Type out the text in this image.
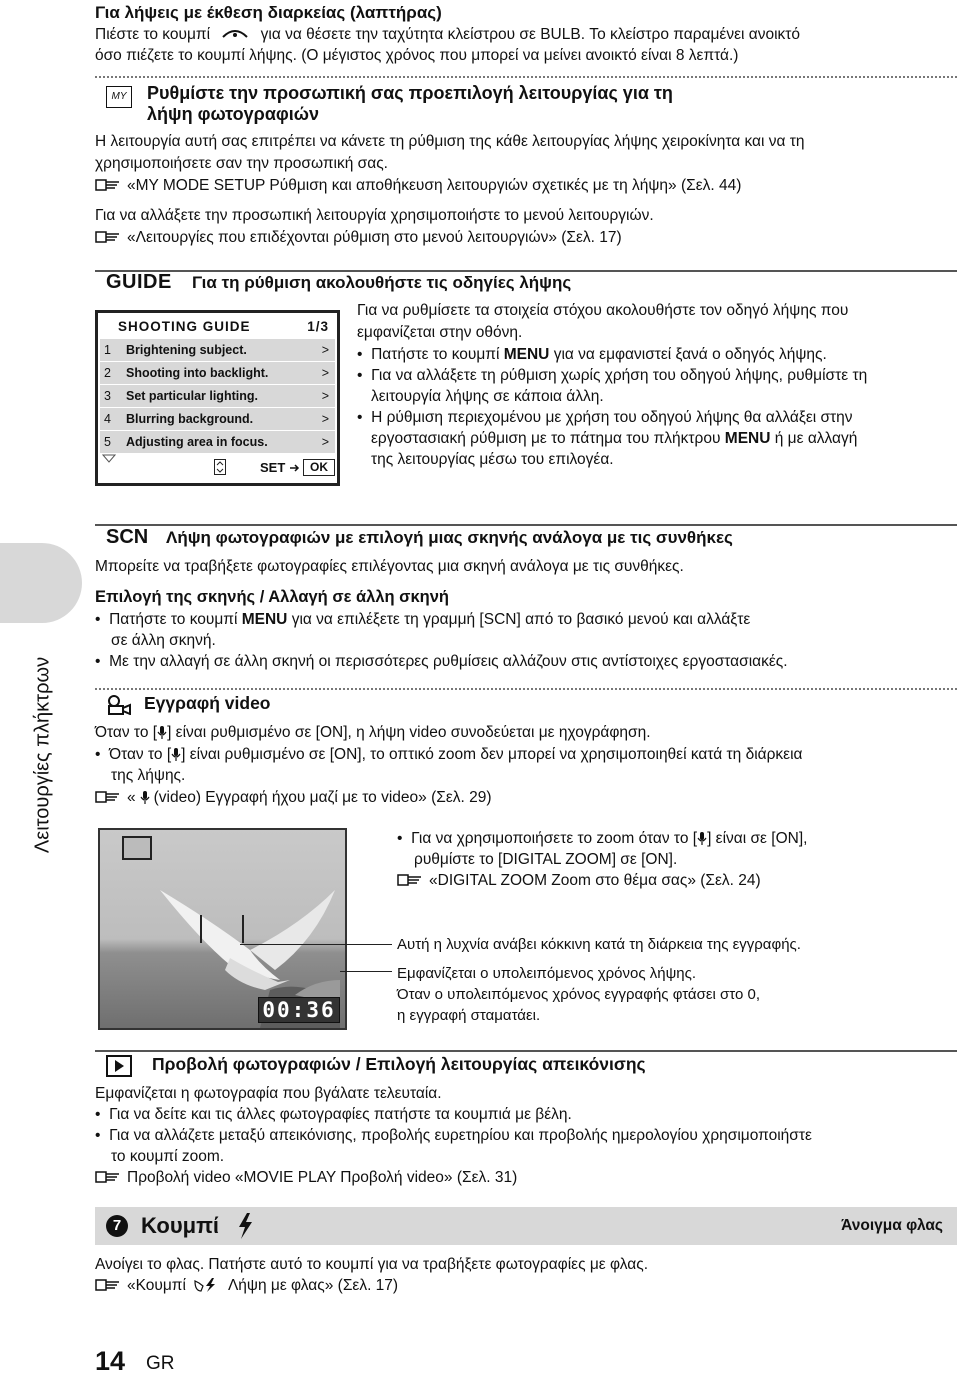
Για λήψεις με έκθεση διαρκείας (λαπτήρας)
Πιέστε το κουμπί	για να θέσετε την ταχύτητα κλείστρου σε BULB. Το κλείστρο παραμένει ανοικτό
όσο πιέζετε το κουμπί λήψης. (Ο μέγιστος χρόνος που μπορεί να μείνει ανοικτό είναι 8 λεπτά.)
MY	Ρυθμίστε την προσωπική σας προεπιλογή λειτουργίας για τη
λήψη φωτογραφιών
Η λειτουργία αυτή σας επιτρέπει να κάνετε τη ρύθμιση της κάθε λειτουργίας λήψης χειροκίνητα και να τη
χρησιμοποιήσετε σαν την προσωπική σας.
«MY MODE SETUP Ρύθμιση και αποθήκευση λειτουργιών σχετικές με τη λήψη» (Σελ. 44)
Για να αλλάξετε την προσωπική λειτουργία χρησιμοποιήστε το μενού λειτουργιών.
«Λειτουργίες που επιδέχονται ρύθμιση στο μενού λειτουργιών» (Σελ. 17)
GUIDE Για τη ρύθμιση ακολουθήστε τις οδηγίες λήψης
SHOOTING GUIDE	1/3
1 Brightening subject.	>
2 Shooting into backlight.	>
3 Set particular lighting.	>
4 Blurring background.	>
5 Adjusting area in focus.	>
SET	OK
Για να ρυθμίσετε τα στοιχεία στόχου ακολουθήστε τον οδηγό λήψης που
εμφανίζεται στην οθόνη.
• Πατήστε το κουμπί MENU για να εμφανιστεί ξανά ο οδηγός λήψης.
• Για να αλλάξετε τη ρύθμιση χωρίς χρήση του οδηγού λήψης, ρυθμίστε τη
λειτουργία λήψης σε κάποια άλλη.
• Η ρύθμιση περιεχομένου με χρήση του οδηγού λήψης θα αλλάξει στην
εργοστασιακή ρύθμιση με το πάτημα του πλήκτρου MENU ή με αλλαγή
της λειτουργίας μέσω του επιλογέα.
Λειτουργίες πλήκτρων
SCN Λήψη φωτογραφιών με επιλογή μιας σκηνής ανάλογα με τις συνθήκες
Μπορείτε να τραβήξετε φωτογραφίες επιλέγοντας μια σκηνή ανάλογα με τις συνθήκες.
Επιλογή της σκηνής / Αλλαγή σε άλλη σκηνή
• Πατήστε το κουμπί MENU για να επιλέξετε τη γραμμή [SCN] από το βασικό μενού και αλλάξτε
σε άλλη σκηνή.
• Με την αλλαγή σε άλλη σκηνή οι περισσότερες ρυθμίσεις αλλάζουν στις αντίστοιχες εργοστασιακές.
Εγγραφή video
Όταν το [ ] είναι ρυθμισμένο σε [ON], η λήψη video συνοδεύεται με ηχογράφηση.
• Όταν το [ ] είναι ρυθμισμένο σε [ON], το οπτικό zoom δεν μπορεί να χρησιμοποιηθεί κατά τη διάρκεια
της λήψης.
« (video) Εγγραφή ήχου μαζί με το video» (Σελ. 29)
00:36
• Για να χρησιμοποιήσετε το zoom όταν το [ ] είναι σε [ON],
ρυθμίστε το [DIGITAL ZOOM] σε [ON].
«DIGITAL ZOOM Zoom στο θέμα σας» (Σελ. 24)
Αυτή η λυχνία ανάβει κόκκινη κατά τη διάρκεια της εγγραφής.
Εμφανίζεται ο υπολειπόμενος χρόνος λήψης.
Όταν ο υπολειπόμενος χρόνος εγγραφής φτάσει στο 0,
η εγγραφή σταματάει.
Προβολή φωτογραφιών / Επιλογή λειτουργίας απεικόνισης
Εμφανίζεται η φωτογραφία που βγάλατε τελευταία.
• Για να δείτε και τις άλλες φωτογραφίες πατήστε τα κουμπιά με βέλη.
• Για να αλλάζετε μεταξύ απεικόνισης, προβολής ευρετηρίου και προβολής ημερολογίου χρησιμοποιήστε
το κουμπί zoom.
Προβολή video «MOVIE PLAY Προβολή video» (Σελ. 31)
7 Κουμπί	Άνοιγμα φλας
Ανοίγει το φλας. Πατήστε αυτό το κουμπί για να τραβήξετε φωτογραφίες με φλας.
«Κουμπί	Λήψη με φλας» (Σελ. 17)
14 GR
